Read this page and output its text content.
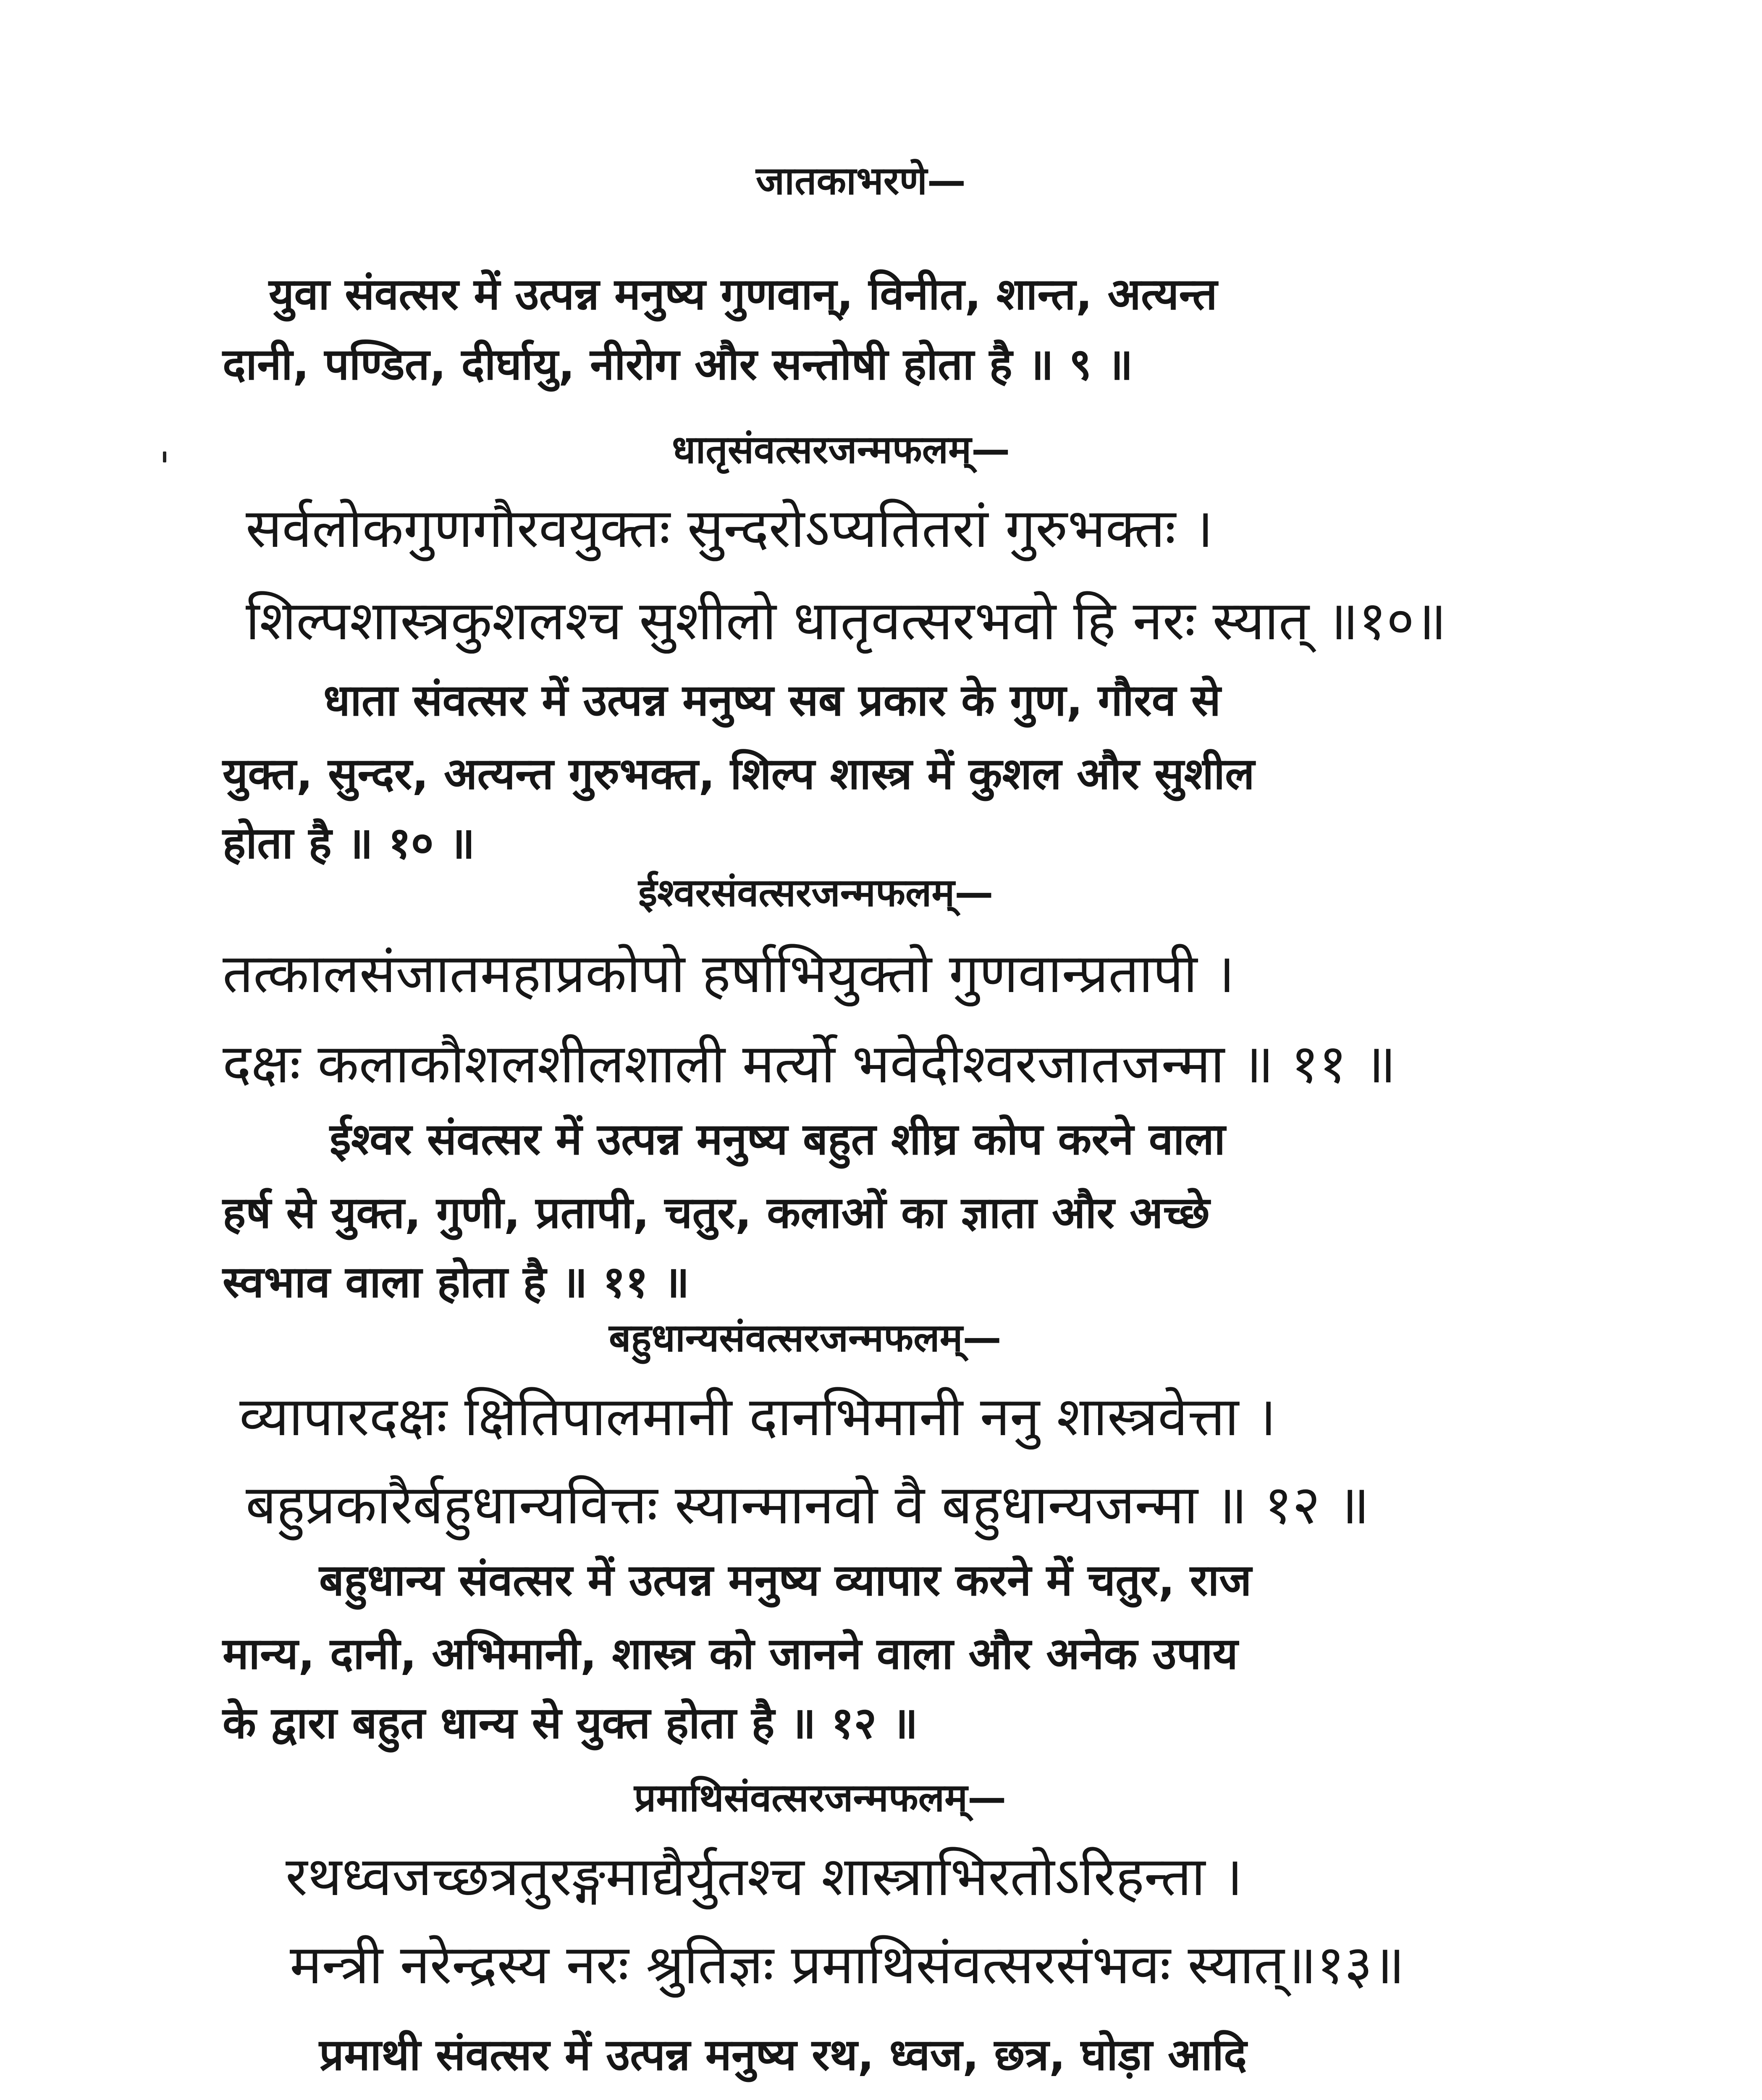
जातकाभरणे—
युवा संवत्सर में उत्पन्न मनुष्य गुणवान्, विनीत, शान्त, अत्यन्त
दानी, पण्डित, दीर्घायु, नीरोग और सन्तोषी होता है ॥ ९ ॥
धातृसंवत्सरजन्मफलम्—
सर्वलोकगुणगौरवयुक्तः सुन्दरोऽप्यतितरां गुरुभक्तः ।
शिल्पशास्त्रकुशलश्च सुशीलो धातृवत्सरभवो हि नरः स्यात् ॥१०॥
धाता संवत्सर में उत्पन्न मनुष्य सब प्रकार के गुण, गौरव से
युक्त, सुन्दर, अत्यन्त गुरुभक्त, शिल्प शास्त्र में कुशल और सुशील
होता है ॥ १० ॥
ईश्वरसंवत्सरजन्मफलम्—
तत्कालसंजातमहाप्रकोपो हर्षाभियुक्तो गुणवान्प्रतापी ।
दक्षः कलाकौशलशीलशाली मर्त्यो भवेदीश्वरजातजन्मा ॥ ११ ॥
ईश्वर संवत्सर में उत्पन्न मनुष्य बहुत शीघ्र कोप करने वाला
हर्ष से युक्त, गुणी, प्रतापी, चतुर, कलाओं का ज्ञाता और अच्छे
स्वभाव वाला होता है ॥ ११ ॥
बहुधान्यसंवत्सरजन्मफलम्—
व्यापारदक्षः क्षितिपालमानी दानभिमानी ननु शास्त्रवेत्ता ।
बहुप्रकारैर्बहुधान्यवित्तः स्यान्मानवो वै बहुधान्यजन्मा ॥ १२ ॥
बहुधान्य संवत्सर में उत्पन्न मनुष्य व्यापार करने में चतुर, राज
मान्य, दानी, अभिमानी, शास्त्र को जानने वाला और अनेक उपाय
के द्वारा बहुत धान्य से युक्त होता है ॥ १२ ॥
प्रमाथिसंवत्सरजन्मफलम्—
रथध्वजच्छत्रतुरङ्गमाद्यैर्युतश्च शास्त्राभिरतोऽरिहन्ता ।
मन्त्री नरेन्द्रस्य नरः श्रुतिज्ञः प्रमाथिसंवत्सरसंभवः स्यात्॥१३॥
प्रमाथी संवत्सर में उत्पन्न मनुष्य रथ, ध्वज, छत्र, घोड़ा आदि
